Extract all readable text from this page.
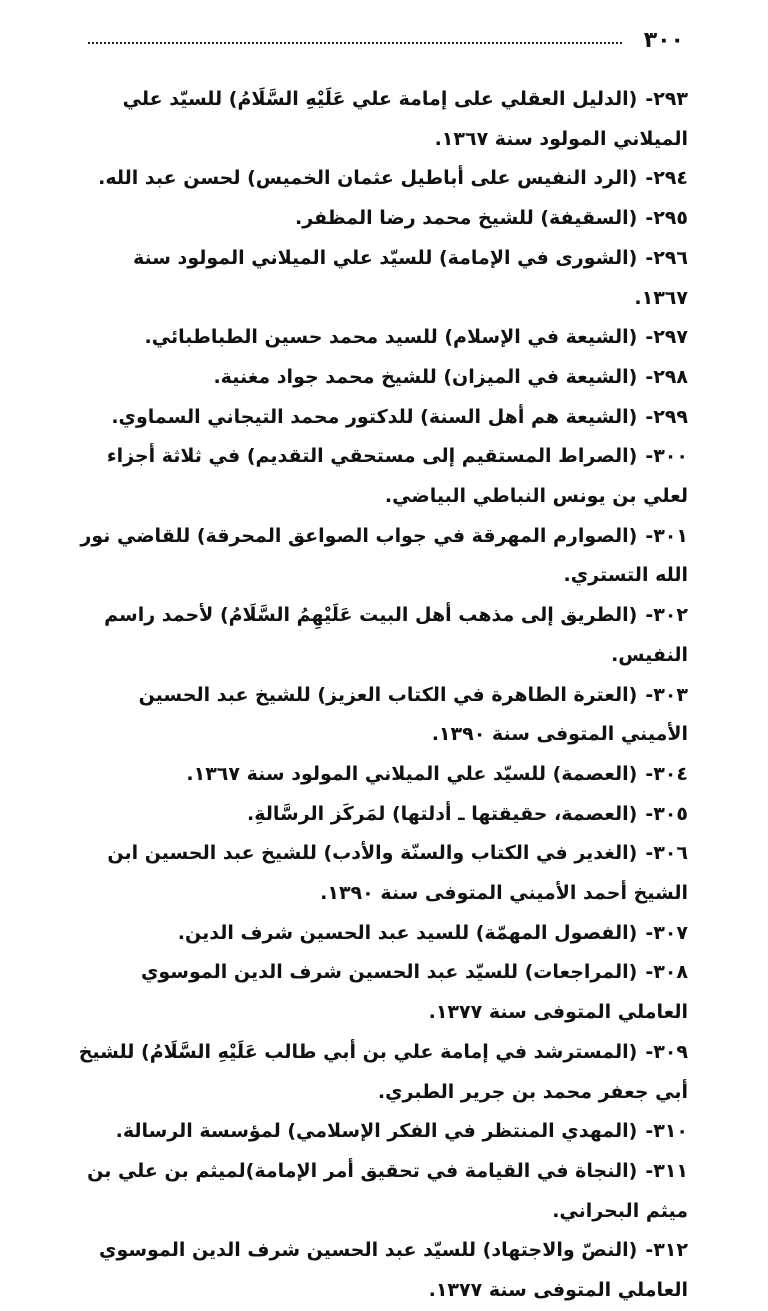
٣٠٠
٢٩٣-(الدليل العقلي على إمامة علي عَلَيْهِ السَّلَامُ) للسيّد علي الميلاني المولود سنة ١٣٦٧.
٢٩٤-(الرد النفيس على أباطيل عثمان الخميس) لحسن عبد الله.
٢٩٥-(السقيفة) للشيخ محمد رضا المظفر.
٢٩٦-(الشورى في الإمامة) للسيّد علي الميلاني المولود سنة ١٣٦٧.
٢٩٧-(الشيعة في الإسلام) للسيد محمد حسين الطباطبائي.
٢٩٨-(الشيعة في الميزان) للشيخ محمد جواد مغنية.
٢٩٩-(الشيعة هم أهل السنة) للدكتور محمد التيجاني السماوي.
٣٠٠-(الصراط المستقيم إلى مستحقي التقديم) في ثلاثة أجزاء لعلي بن يونس النباطي البياضي.
٣٠١-(الصوارم المهرقة في جواب الصواعق المحرقة) للقاضي نور الله التستري.
٣٠٢-(الطريق إلى مذهب أهل البيت عَلَيْهِمُ السَّلَامُ) لأحمد راسم النفيس.
٣٠٣-(العترة الطاهرة في الكتاب العزيز) للشيخ عبد الحسين الأميني المتوفى سنة ١٣٩٠.
٣٠٤-(العصمة) للسيّد علي الميلاني المولود سنة ١٣٦٧.
٣٠٥-(العصمة، حقيقتها ـ أدلتها) لمَركَز الرسَّالةِ.
٣٠٦-(الغدير في الكتاب والسنّة والأدب) للشيخ عبد الحسين ابن الشيخ أحمد الأميني المتوفى سنة ١٣٩٠.
٣٠٧-(الفصول المهمّة) للسيد عبد الحسين شرف الدين.
٣٠٨-(المراجعات) للسيّد عبد الحسين شرف الدين الموسوي العاملي المتوفى سنة ١٣٧٧.
٣٠٩-(المسترشد في إمامة علي بن أبي طالب عَلَيْهِ السَّلَامُ) للشيخ أبي جعفر محمد بن جرير الطبري.
٣١٠-(المهدي المنتظر في الفكر الإسلامي) لمؤسسة الرسالة.
٣١١-(النجاة في القيامة في تحقيق أمر الإمامة)لميثم بن علي بن ميثم البحراني.
٣١٢-(النصّ والاجتهاد) للسيّد عبد الحسين شرف الدين الموسوي العاملي المتوفى سنة ١٣٧٧.
